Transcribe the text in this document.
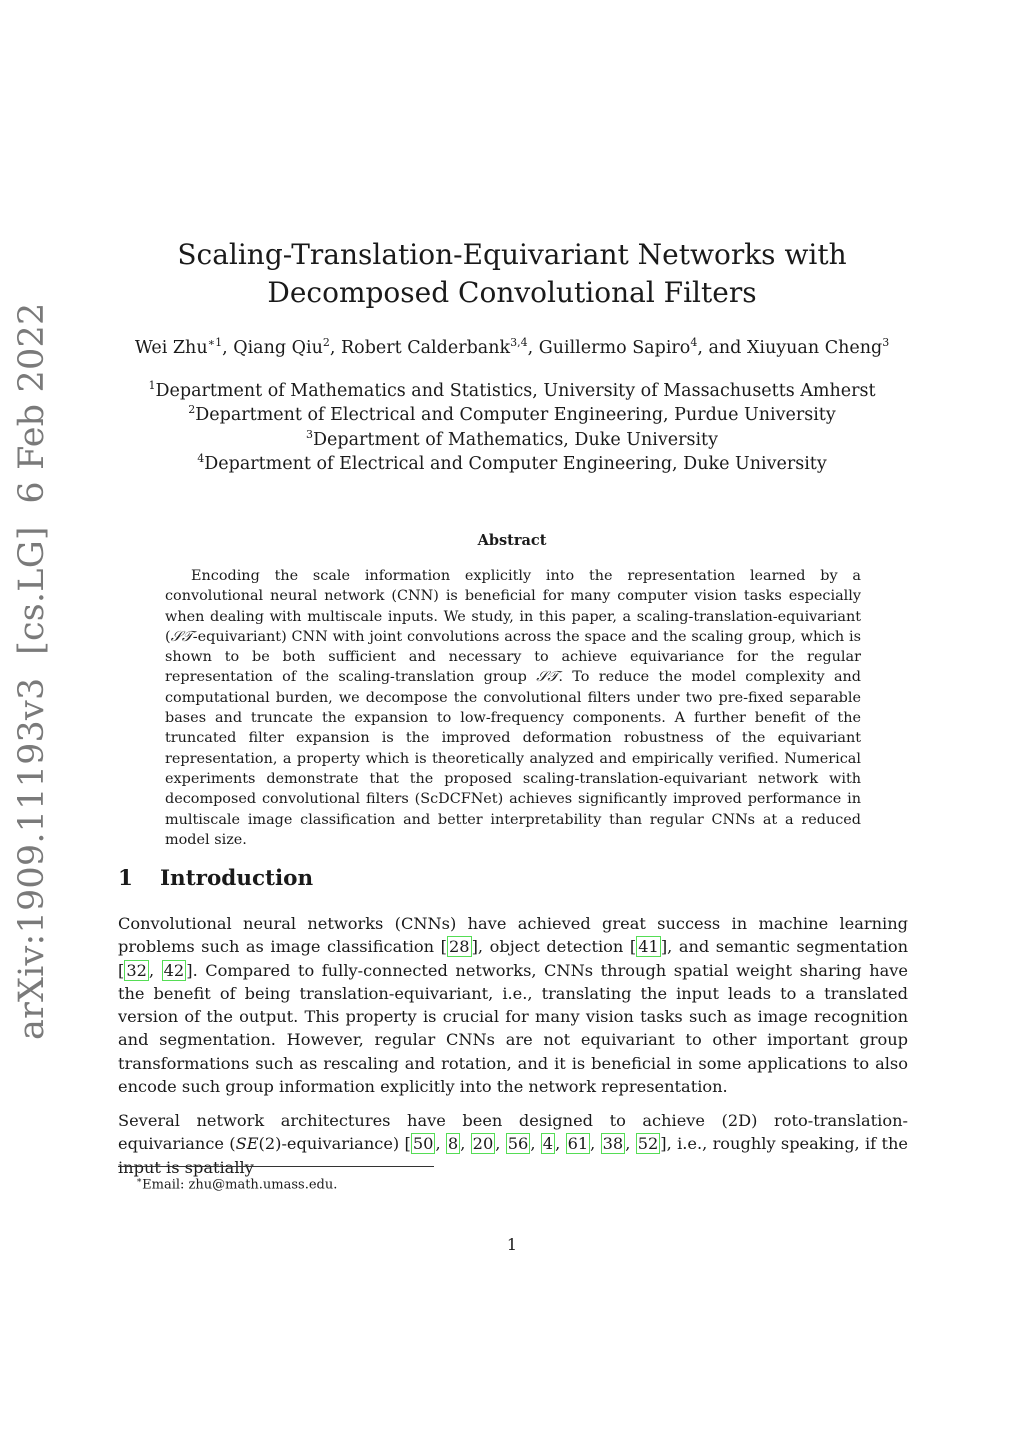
arXiv:1909.11193v3  [cs.LG]  6 Feb 2022
Scaling-Translation-Equivariant Networks with Decomposed Convolutional Filters
Wei Zhu$^{∗1}$, Qiang Qiu$^2$, Robert Calderbank$^{3,4}$, Guillermo Sapiro$^4$, and Xiuyuan Cheng$^3$
$^1$Department of Mathematics and Statistics, University of Massachusetts Amherst
$^2$Department of Electrical and Computer Engineering, Purdue University
$^3$Department of Mathematics, Duke University
$^4$Department of Electrical and Computer Engineering, Duke University
Abstract

Encoding the scale information explicitly into the representation learned by a convolutional neural network (CNN) is beneficial for many computer vision tasks especially when dealing with multiscale inputs. We study, in this paper, a scaling-translation-equivariant (𝒮𝒯-equivariant) CNN with joint convolutions across the space and the scaling group, which is shown to be both sufficient and necessary to achieve equivariance for the regular representation of the scaling-translation group 𝒮𝒯. To reduce the model complexity and computational burden, we decompose the convolutional filters under two pre-fixed separable bases and truncate the expansion to low-frequency components. A further benefit of the truncated filter expansion is the improved deformation robustness of the equivariant representation, a property which is theoretically analyzed and empirically verified. Numerical experiments demonstrate that the proposed scaling-translation-equivariant network with decomposed convolutional filters (ScDCFNet) achieves significantly improved performance in multiscale image classification and better interpretability than regular CNNs at a reduced model size.

1 Introduction

Convolutional neural networks (CNNs) have achieved great success in machine learning problems such as image classification [ 28 ], object detection [ 41 ], and semantic segmentation [ 32 , 42 ]. Compared to fully-connected networks, CNNs through spatial weight sharing have the benefit of being translation-equivariant, i.e., translating the input leads to a translated version of the output. This property is crucial for many vision tasks such as image recognition and segmentation. However, regular CNNs are not equivariant to other important group transformations such as rescaling and rotation, and it is beneficial in some applications to also encode such group information explicitly into the network representation.

Several network architectures have been designed to achieve (2D) roto-translation-equivariance (SE(2)-equivariance) [ 50 , 8 , 20 , 56 , 4 , 61 , 38 , 52 ], i.e., roughly speaking, if the input is spatially

∗Email: zhu@math.umass.edu.
1
